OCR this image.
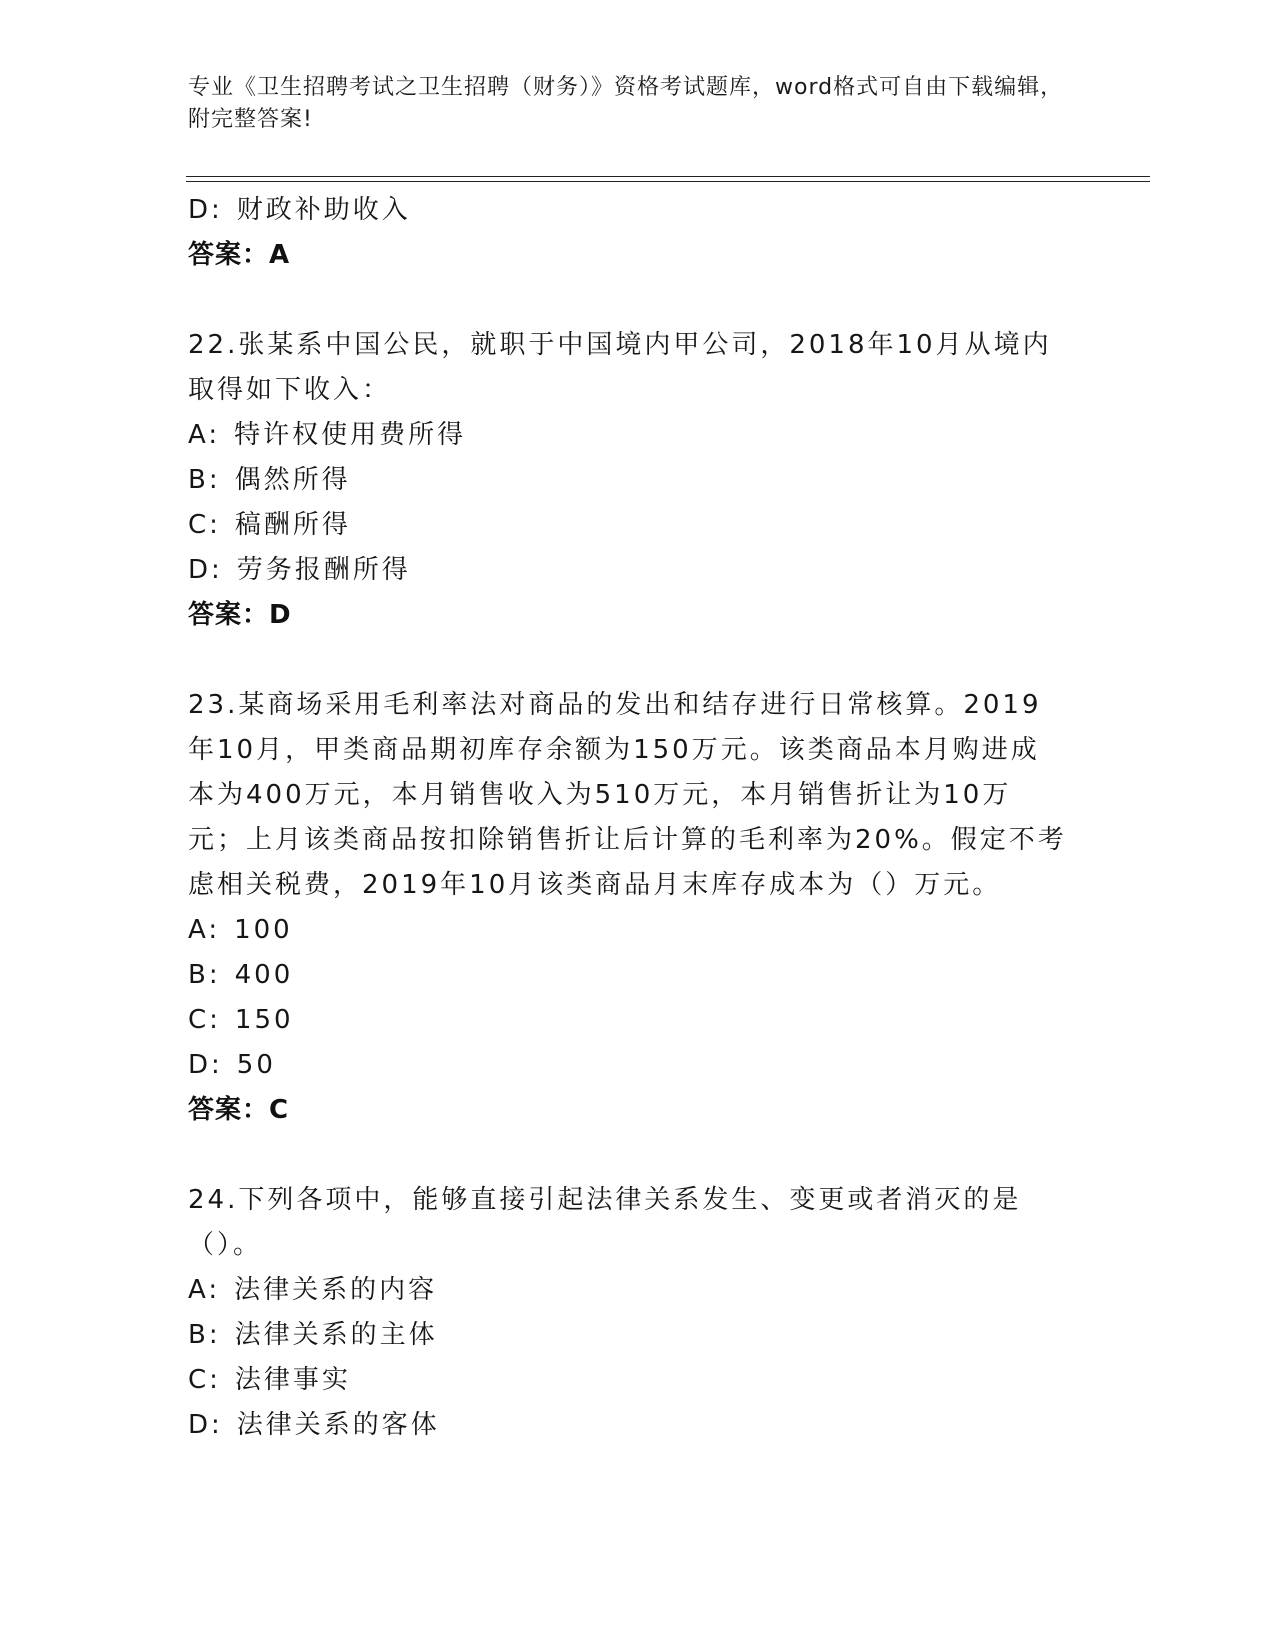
专业《卫生招聘考试之卫生招聘（财务）》资格考试题库，word格式可自由下载编辑，附完整答案!
D: 财政补助收入
答案：A
22.张某系中国公民，就职于中国境内甲公司，2018年10月从境内取得如下收入：
A: 特许权使用费所得
B: 偶然所得
C: 稿酬所得
D: 劳务报酬所得
答案：D
23.某商场采用毛利率法对商品的发出和结存进行日常核算。2019年10月，甲类商品期初库存余额为150万元。该类商品本月购进成本为400万元，本月销售收入为510万元，本月销售折让为10万元；上月该类商品按扣除销售折让后计算的毛利率为20%。假定不考虑相关税费，2019年10月该类商品月末库存成本为（）万元。
A: 100
B: 400
C: 150
D: 50
答案：C
24.下列各项中，能够直接引起法律关系发生、变更或者消灭的是（）。
A: 法律关系的内容
B: 法律关系的主体
C: 法律事实
D: 法律关系的客体
